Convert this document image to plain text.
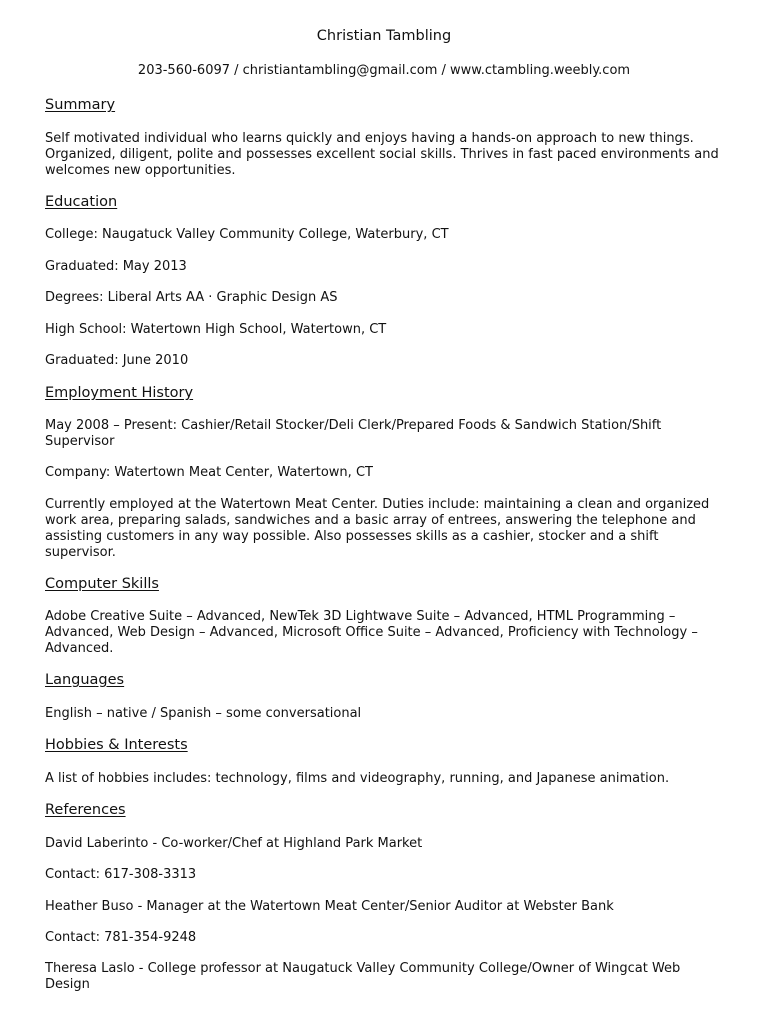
Christian Tambling
203-560-6097 / christiantambling@gmail.com / www.ctambling.weebly.com
Summary
Self motivated individual who learns quickly and enjoys having a hands-on approach to new things. Organized, diligent, polite and possesses excellent social skills. Thrives in fast paced environments and welcomes new opportunities.
Education
College: Naugatuck Valley Community College, Waterbury, CT
Graduated: May 2013
Degrees: Liberal Arts AA · Graphic Design AS
High School: Watertown High School, Watertown, CT
Graduated: June 2010
Employment History
May 2008 – Present: Cashier/Retail Stocker/Deli Clerk/Prepared Foods & Sandwich Station/Shift Supervisor
Company: Watertown Meat Center, Watertown, CT
Currently employed at the Watertown Meat Center. Duties include: maintaining a clean and organized work area, preparing salads, sandwiches and a basic array of entrees, answering the telephone and assisting customers in any way possible. Also possesses skills as a cashier, stocker and a shift supervisor.
Computer Skills
Adobe Creative Suite – Advanced, NewTek 3D Lightwave Suite – Advanced, HTML Programming – Advanced, Web Design – Advanced, Microsoft Office Suite – Advanced, Proficiency with Technology – Advanced.
Languages
English – native / Spanish – some conversational
Hobbies & Interests
A list of hobbies includes: technology, films and videography, running, and Japanese animation.
References
David Laberinto - Co-worker/Chef at Highland Park Market
Contact: 617-308-3313
Heather Buso - Manager at the Watertown Meat Center/Senior Auditor at Webster Bank
Contact: 781-354-9248
Theresa Laslo - College professor at Naugatuck Valley Community College/Owner of Wingcat Web Design
